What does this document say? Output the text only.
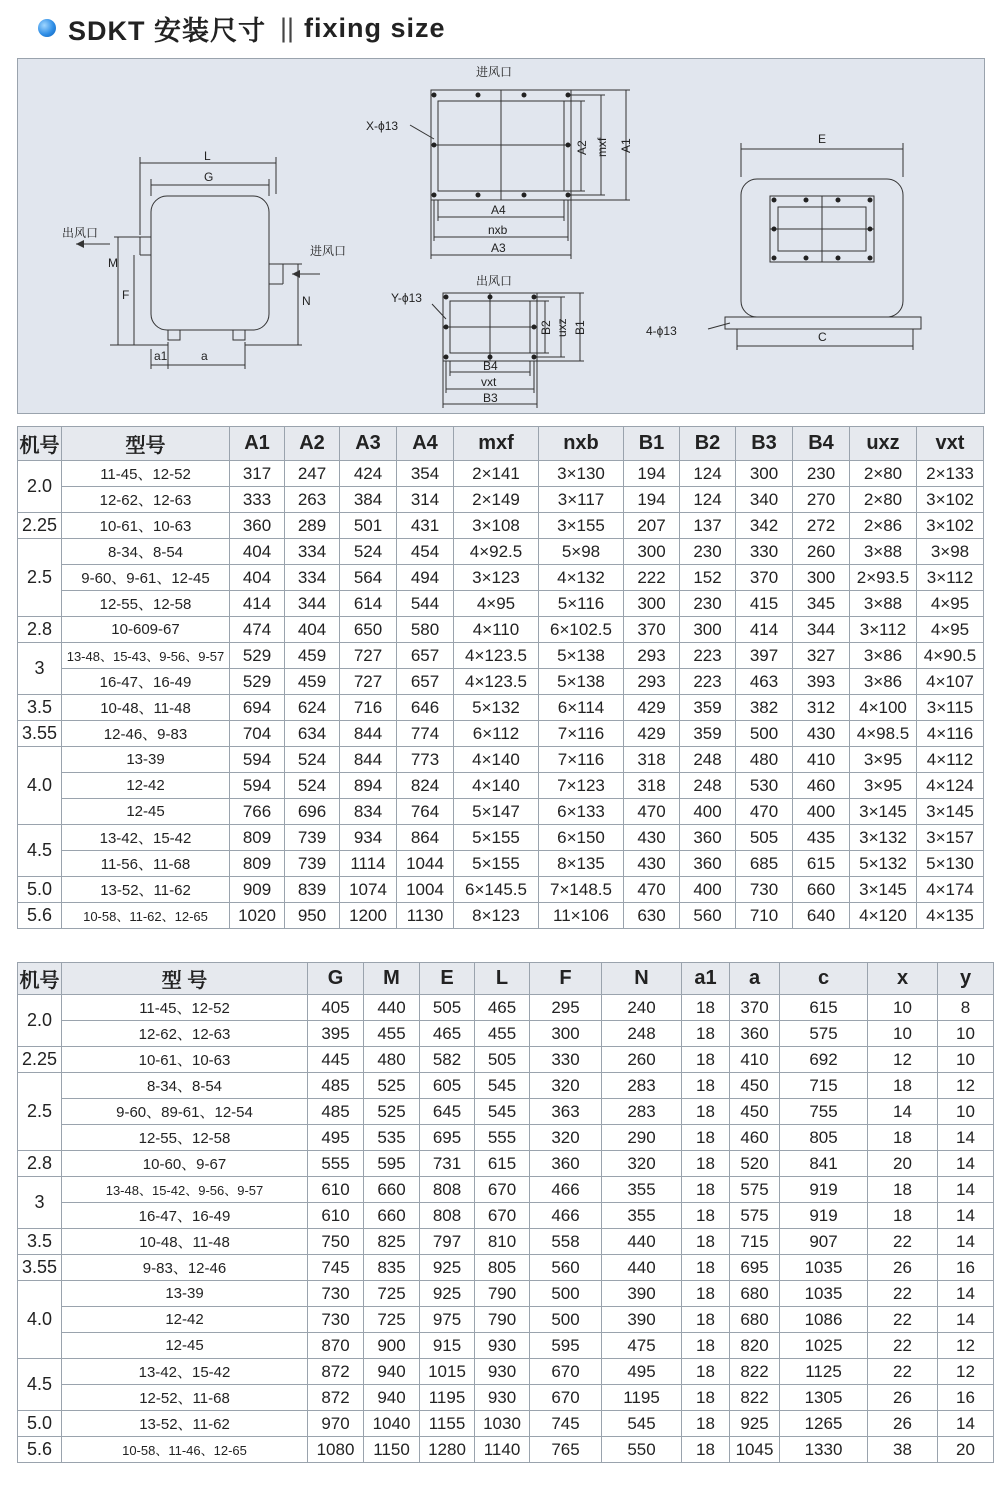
SDKT 安装尺寸 || fixing size
L
G
出风口
进风口
M
F	N
a1	a
进风口
X-ϕ13
A2 mxf A1
A4
nxb
A3
出风口
Y-ϕ13
B2 uxz B1
B4
vxt
B3
E
C
4-ϕ13
机号	型号	A1	A2	A3	A4	mxf	nxb	B1	B2	B3	B4	uxz	vxt
2.0	11-45、12-52	317	247	424	354	2×141	3×130	194	124	300	230	2×80	2×133
	12-62、12-63	333	263	384	314	2×149	3×117	194	124	340	270	2×80	3×102
2.25	10-61、10-63	360	289	501	431	3×108	3×155	207	137	342	272	2×86	3×102
2.5	8-34、8-54	404	334	524	454	4×92.5	5×98	300	230	330	260	3×88	3×98
	9-60、9-61、12-45	404	334	564	494	3×123	4×132	222	152	370	300	2×93.5	3×112
	12-55、12-58	414	344	614	544	4×95	5×116	300	230	415	345	3×88	4×95
2.8	10-609-67	474	404	650	580	4×110	6×102.5	370	300	414	344	3×112	4×95
3	13-48、15-43、9-56、9-57	529	459	727	657	4×123.5	5×138	293	223	397	327	3×86	4×90.5
	16-47、16-49	529	459	727	657	4×123.5	5×138	293	223	463	393	3×86	4×107
3.5	10-48、11-48	694	624	716	646	5×132	6×114	429	359	382	312	4×100	3×115
3.55	12-46、9-83	704	634	844	774	6×112	7×116	429	359	500	430	4×98.5	4×116
4.0	13-39	594	524	844	773	4×140	7×116	318	248	480	410	3×95	4×112
	12-42	594	524	894	824	4×140	7×123	318	248	530	460	3×95	4×124
	12-45	766	696	834	764	5×147	6×133	470	400	470	400	3×145	3×145
4.5	13-42、15-42	809	739	934	864	5×155	6×150	430	360	505	435	3×132	3×157
	11-56、11-68	809	739	1114	1044	5×155	8×135	430	360	685	615	5×132	5×130
5.0	13-52、11-62	909	839	1074	1004	6×145.5	7×148.5	470	400	730	660	3×145	4×174
5.6	10-58、11-62、12-65	1020	950	1200	1130	8×123	11×106	630	560	710	640	4×120	4×135
机号	型 号	G	M	E	L	F	N	a1	a	c	x	y
2.0	11-45、12-52	405	440	505	465	295	240	18	370	615	10	8
	12-62、12-63	395	455	465	455	300	248	18	360	575	10	10
2.25	10-61、10-63	445	480	582	505	330	260	18	410	692	12	10
2.5	8-34、8-54	485	525	605	545	320	283	18	450	715	18	12
	9-60、89-61、12-54	485	525	645	545	363	283	18	450	755	14	10
	12-55、12-58	495	535	695	555	320	290	18	460	805	18	14
2.8	10-60、9-67	555	595	731	615	360	320	18	520	841	20	14
3	13-48、15-42、9-56、9-57	610	660	808	670	466	355	18	575	919	18	14
	16-47、16-49	610	660	808	670	466	355	18	575	919	18	14
3.5	10-48、11-48	750	825	797	810	558	440	18	715	907	22	14
3.55	9-83、12-46	745	835	925	805	560	440	18	695	1035	26	16
4.0	13-39	730	725	925	790	500	390	18	680	1035	22	14
	12-42	730	725	975	790	500	390	18	680	1086	22	14
	12-45	870	900	915	930	595	475	18	820	1025	22	12
4.5	13-42、15-42	872	940	1015	930	670	495	18	822	1125	22	12
	12-52、11-68	872	940	1195	930	670	1195	18	822	1305	26	16
5.0	13-52、11-62	970	1040	1155	1030	745	545	18	925	1265	26	14
5.6	10-58、11-46、12-65	1080	1150	1280	1140	765	550	18	1045	1330	38	20
